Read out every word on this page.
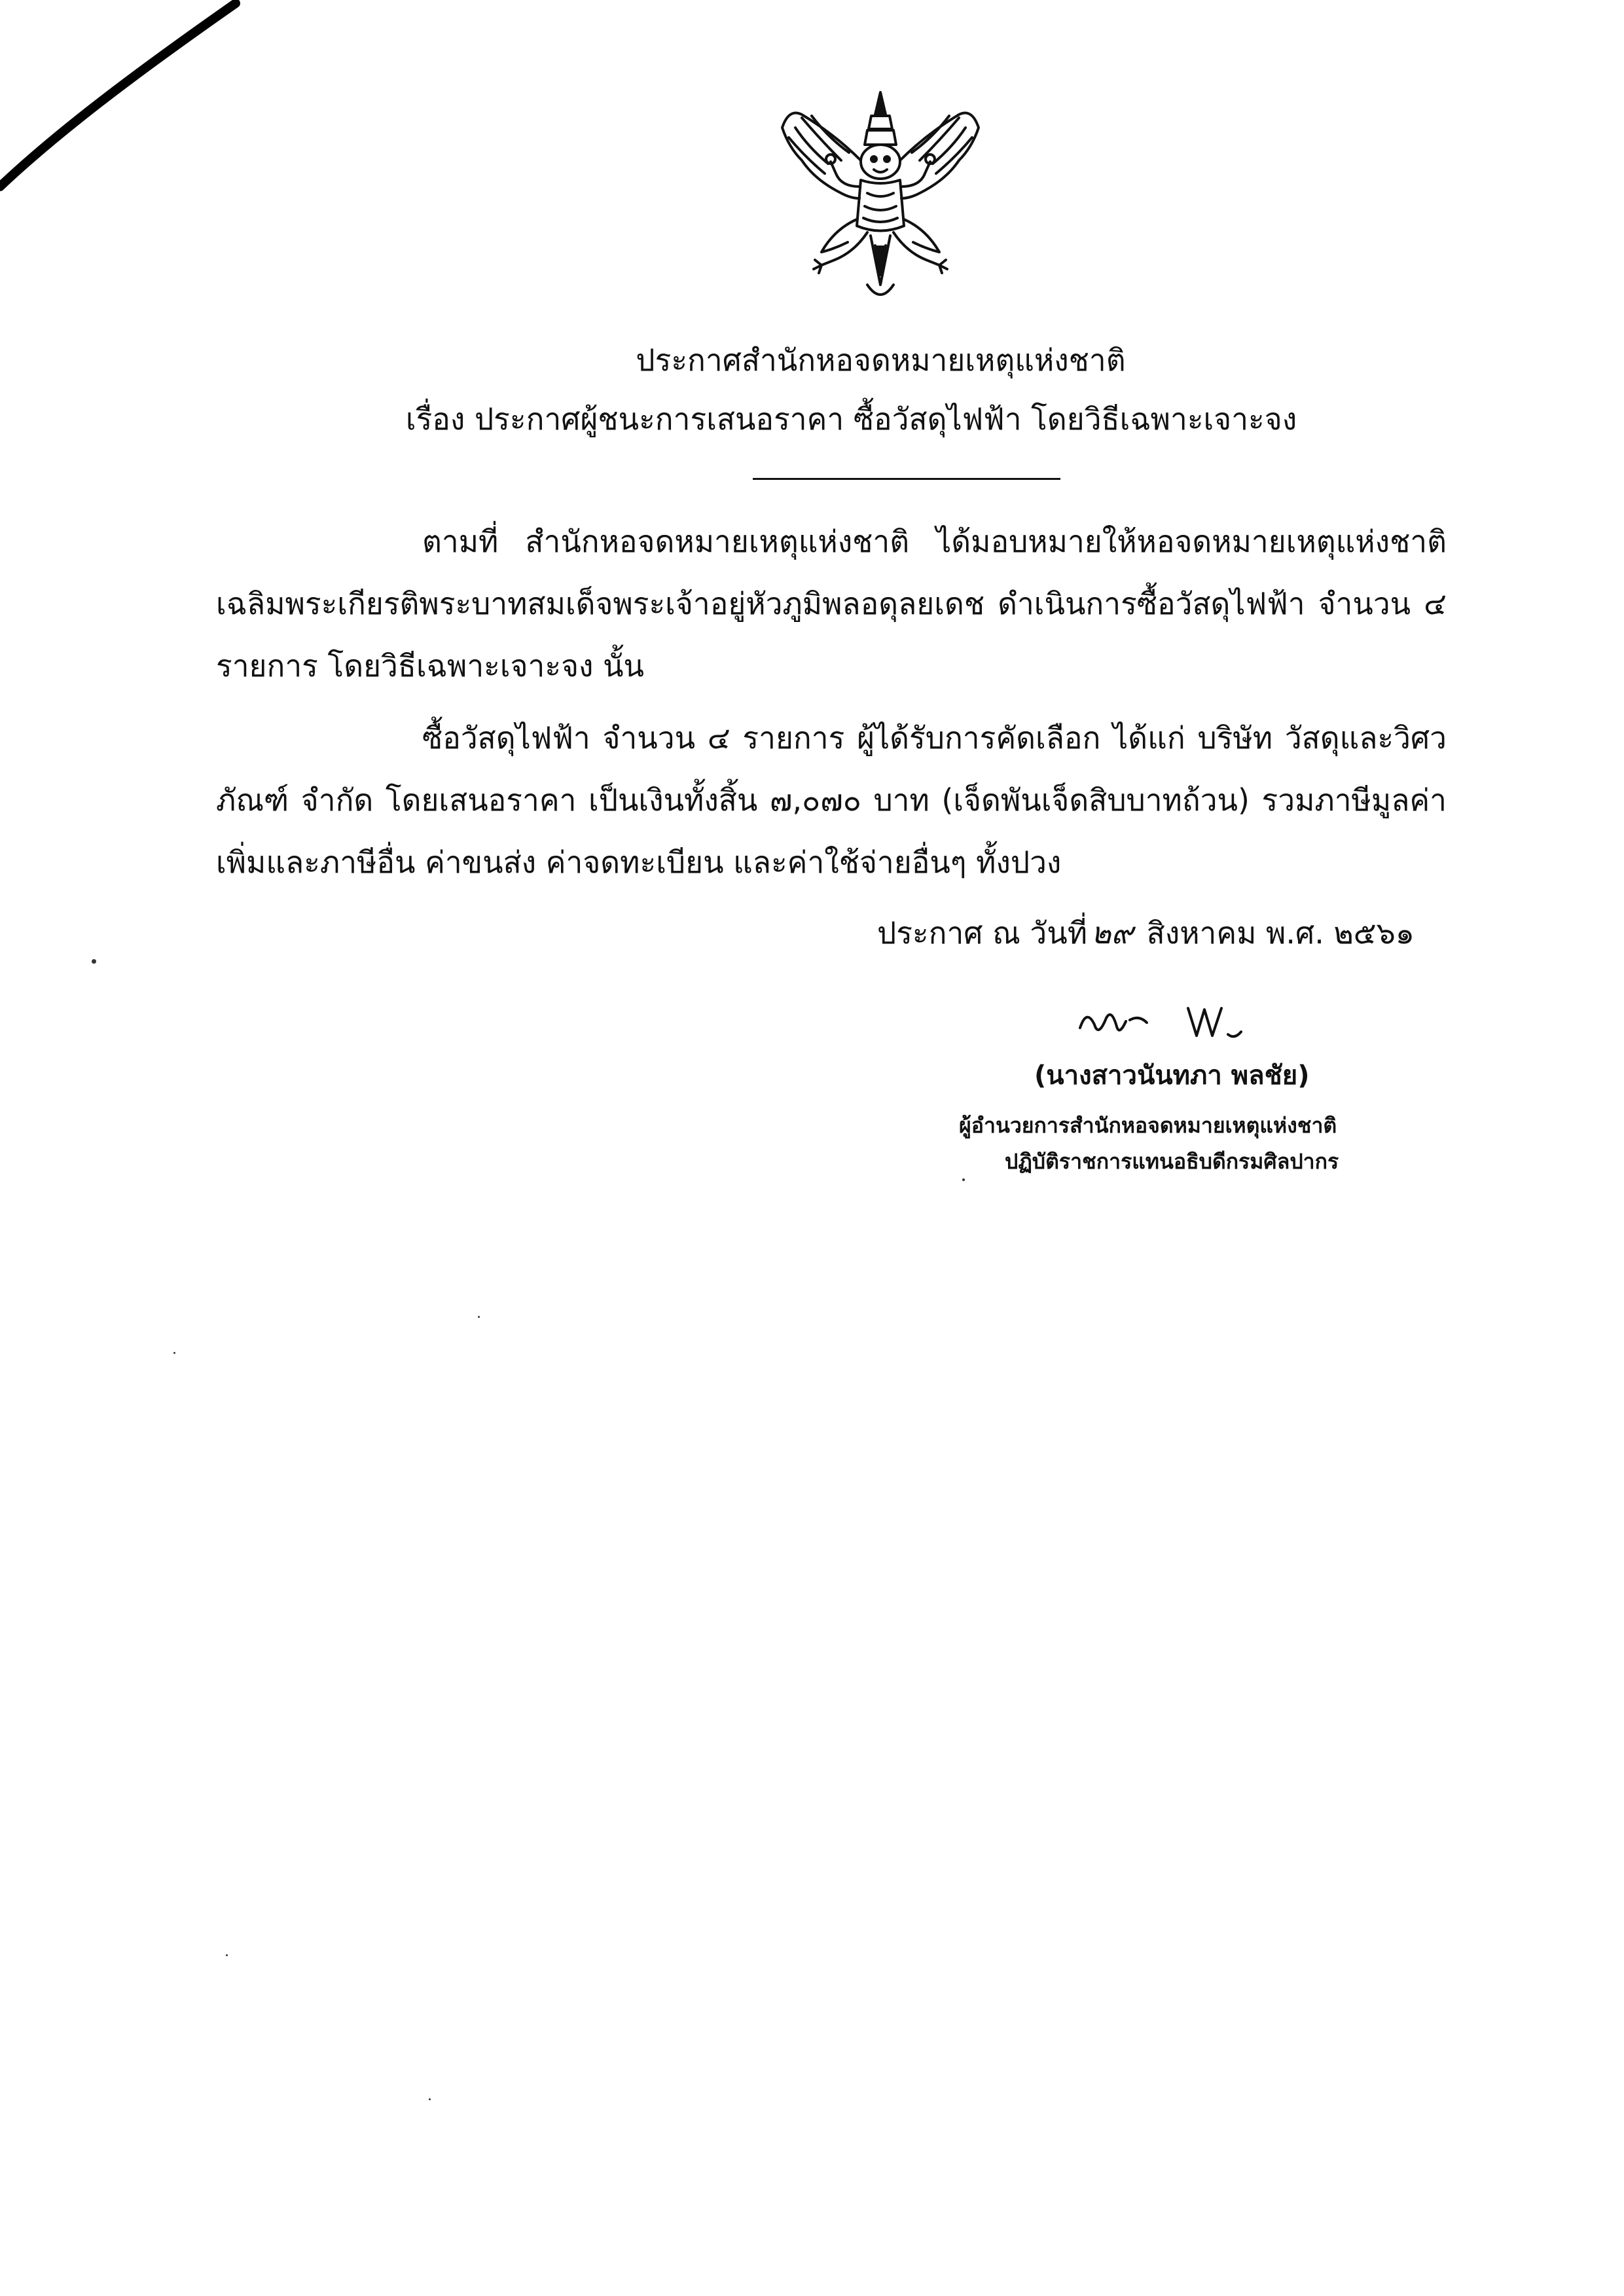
ประกาศสำนักหอจดหมายเหตุแห่งชาติ
เรื่อง ประกาศผู้ชนะการเสนอราคา ซื้อวัสดุไฟฟ้า โดยวิธีเฉพาะเจาะจง
ตามที่ สำนักหอจดหมายเหตุแห่งชาติ ได้มอบหมายให้หอจดหมายเหตุแห่งชาติเฉลิมพระเกียรติพระบาทสมเด็จพระเจ้าอยู่หัวภูมิพลอดุลยเดช ดำเนินการซื้อวัสดุไฟฟ้า จำนวน ๔ รายการ โดยวิธีเฉพาะเจาะจง นั้น
ซื้อวัสดุไฟฟ้า จำนวน ๔ รายการ ผู้ได้รับการคัดเลือก ได้แก่ บริษัท วัสดุและวิศวภัณฑ์ จำกัด โดยเสนอราคา เป็นเงินทั้งสิ้น ๗,๐๗๐ บาท (เจ็ดพันเจ็ดสิบบาทถ้วน) รวมภาษีมูลค่าเพิ่มและภาษีอื่น ค่าขนส่ง ค่าจดทะเบียน และค่าใช้จ่ายอื่นๆ ทั้งปวง
ประกาศ ณ วันที่ ๒๙ สิงหาคม พ.ศ. ๒๕๖๑
(นางสาวนันทภา พลชัย)
ผู้อำนวยการสำนักหอจดหมายเหตุแห่งชาติ
ปฏิบัติราชการแทนอธิบดีกรมศิลปากร
